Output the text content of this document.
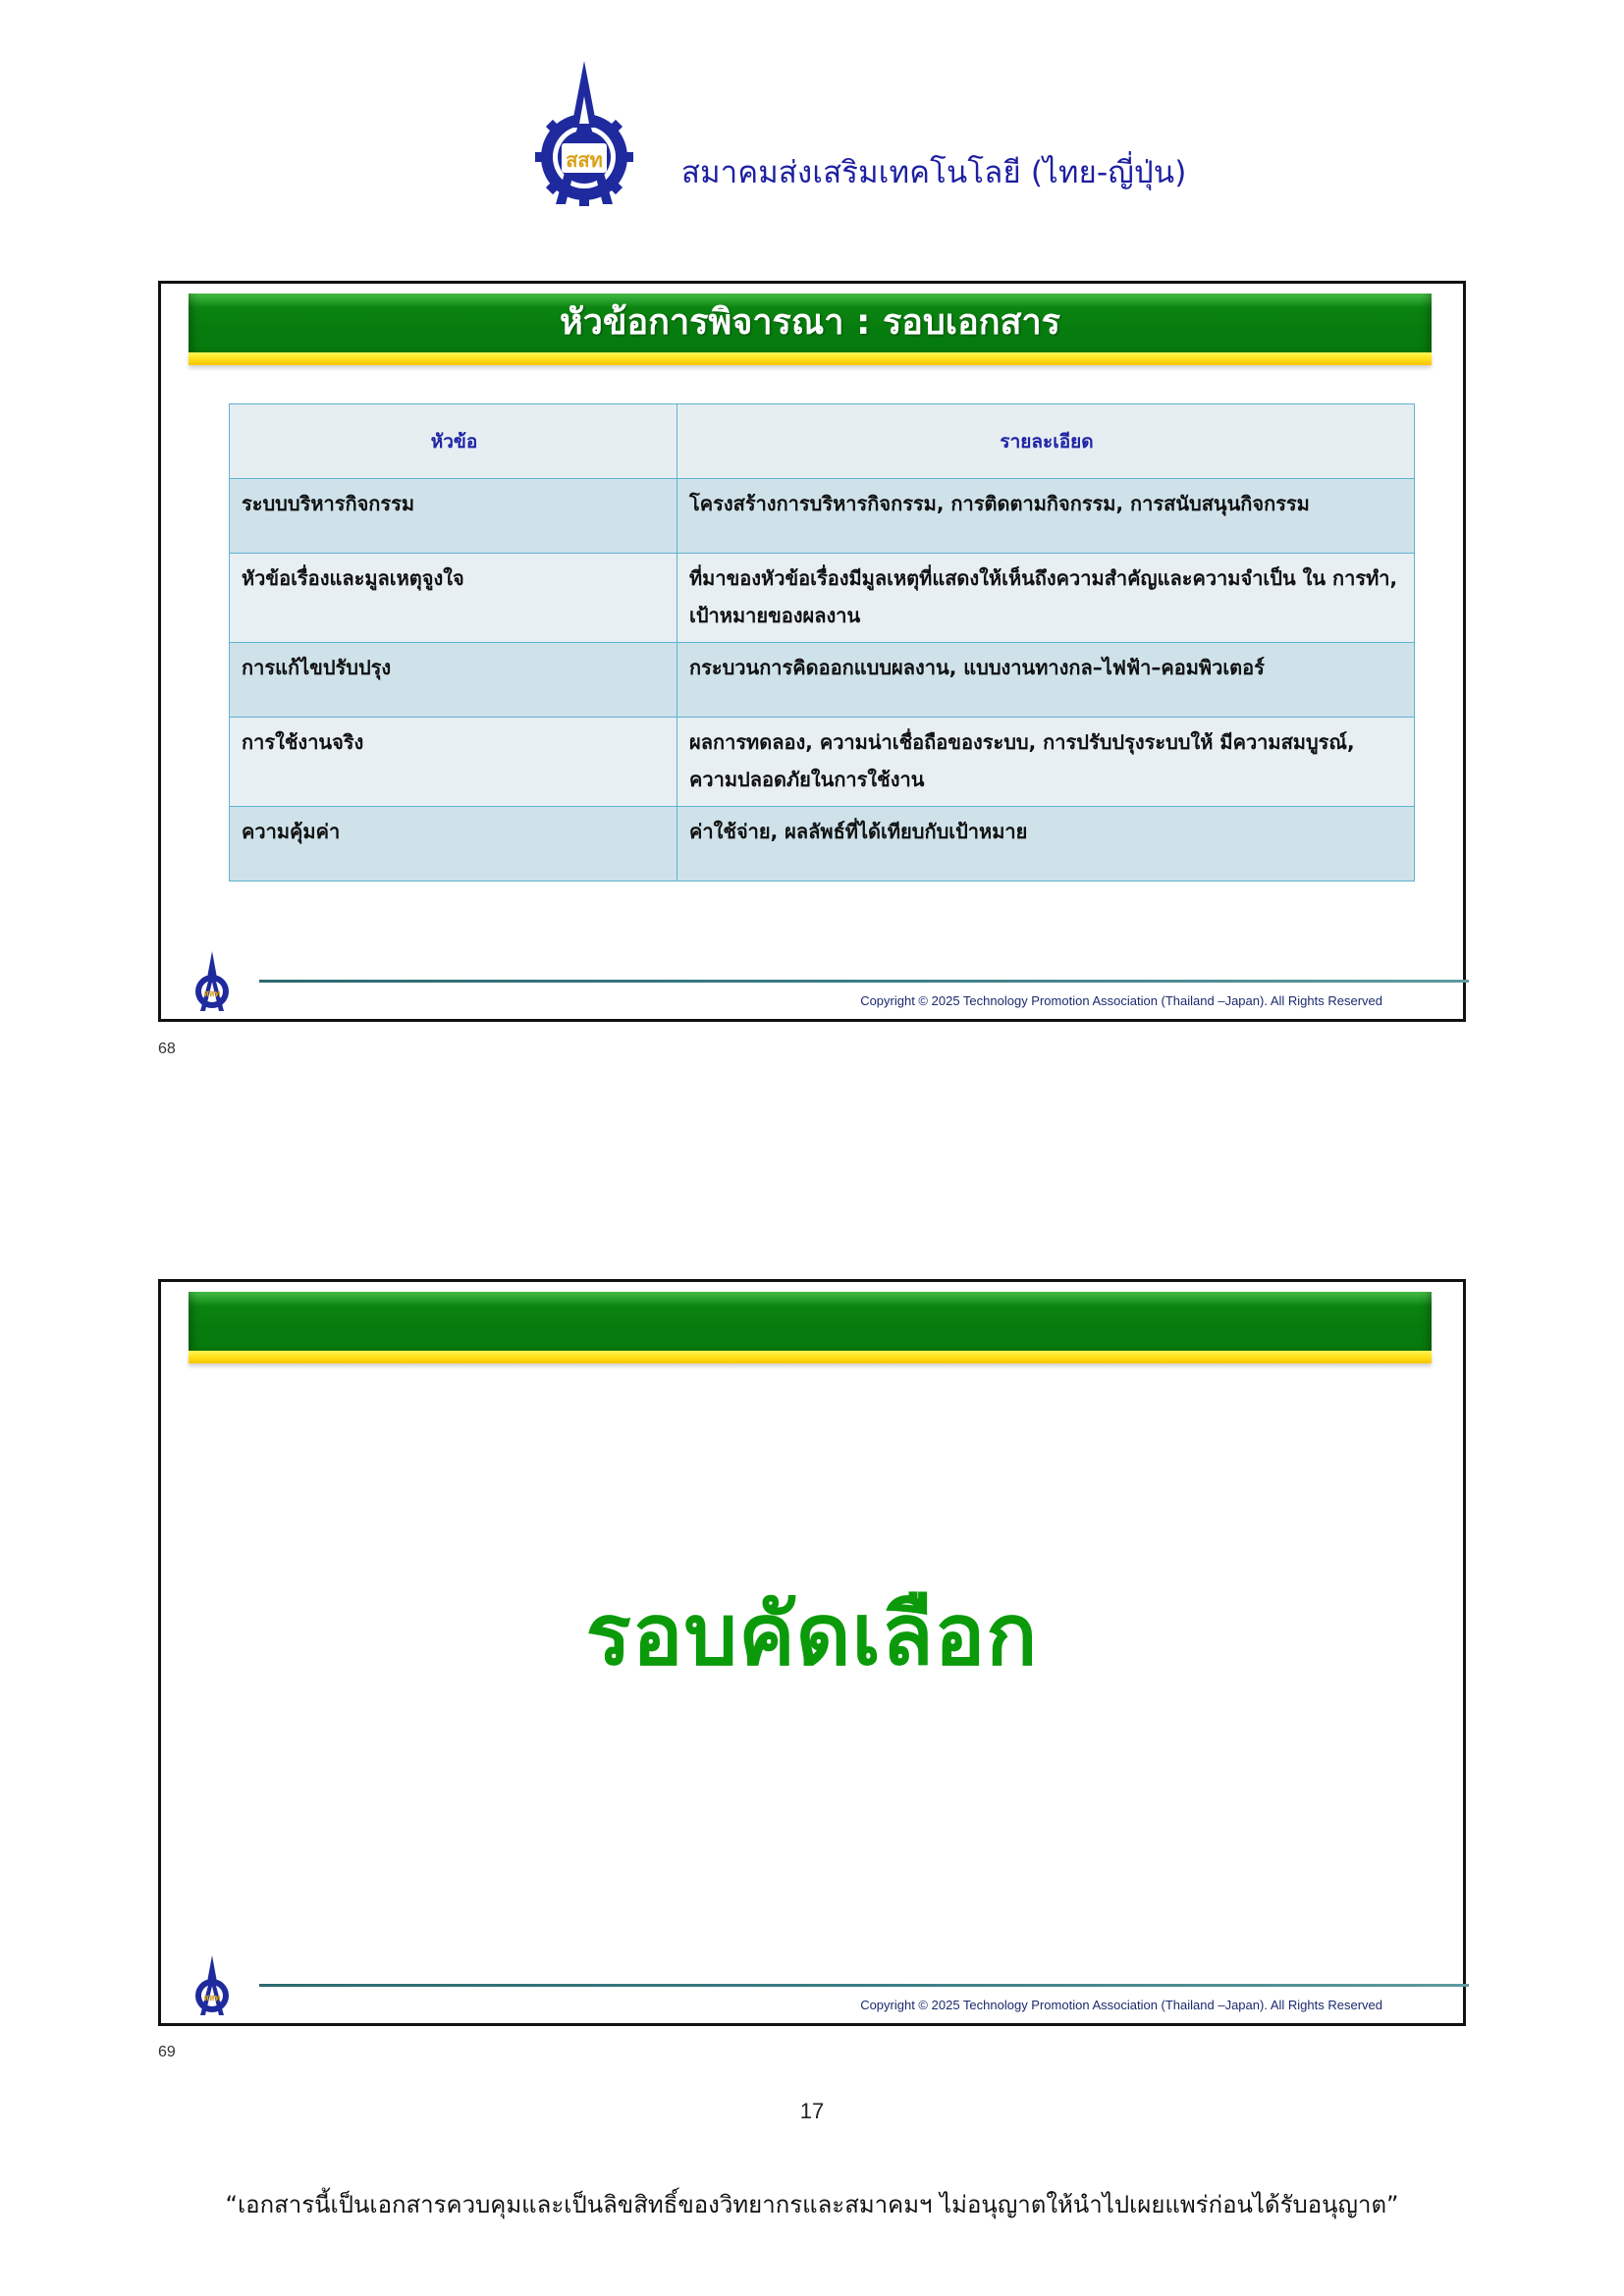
สสท	สมาคมส่งเสริมเทคโนโลยี (ไทย-ญี่ปุ่น)
หัวข้อการพิจารณา : รอบเอกสาร
หัวข้อ	รายละเอียด
ระบบบริหารกิจกรรม	โครงสร้างการบริหารกิจกรรม, การติดตามกิจกรรม, การสนับสนุนกิจกรรม
หัวข้อเรื่องและมูลเหตุจูงใจ	ที่มาของหัวข้อเรื่องมีมูลเหตุที่แสดงให้เห็นถึงความสำคัญและความจำเป็น ใน การทำ, เป้าหมายของผลงาน
การแก้ไขปรับปรุง	กระบวนการคิดออกแบบผลงาน, แบบงานทางกล–ไฟฟ้า–คอมพิวเตอร์
การใช้งานจริง	ผลการทดลอง, ความน่าเชื่อถือของระบบ, การปรับปรุงระบบให้ มีความสมบูรณ์, ความปลอดภัยในการใช้งาน
ความคุ้มค่า	ค่าใช้จ่าย, ผลลัพธ์ที่ได้เทียบกับเป้าหมาย
สสท	Copyright © 2025 Technology Promotion Association (Thailand –Japan). All Rights Reserved
68
รอบคัดเลือก
สสท	Copyright © 2025 Technology Promotion Association (Thailand –Japan). All Rights Reserved
69
17
“เอกสารนี้เป็นเอกสารควบคุมและเป็นลิขสิทธิ์ของวิทยากรและสมาคมฯ ไม่อนุญาตให้นำไปเผยแพร่ก่อนได้รับอนุญาต”
